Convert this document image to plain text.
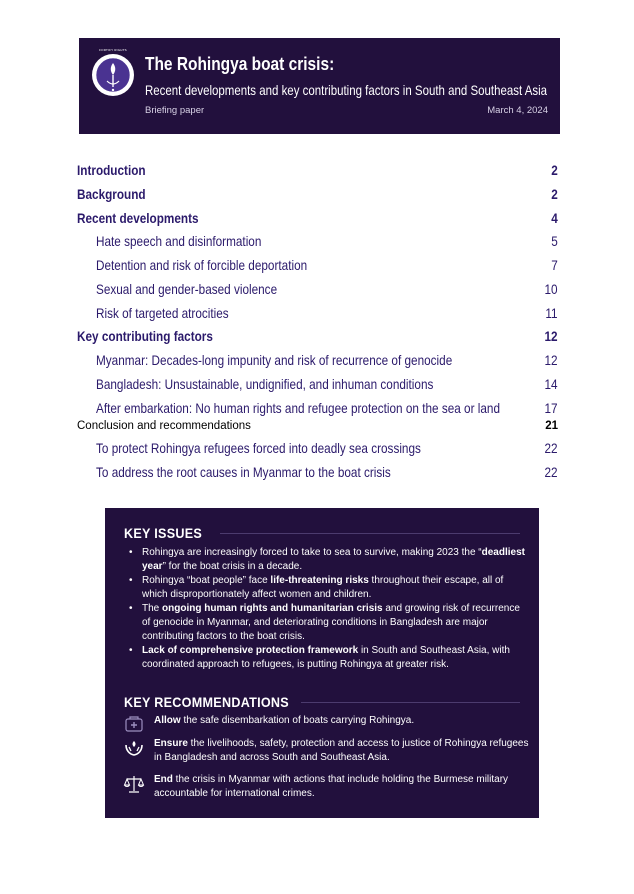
FORTIFY RIGHTS
The Rohingya boat crisis:
Recent developments and key contributing factors in South and Southeast Asia
Briefing paper	March 4, 2024
Introduction	2
Background	2
Recent developments	4
Hate speech and disinformation	5
Detention and risk of forcible deportation	7
Sexual and gender-based violence	10
Risk of targeted atrocities	11
Key contributing factors	12
Myanmar: Decades-long impunity and risk of recurrence of genocide	12
Bangladesh: Unsustainable, undignified, and inhuman conditions	14
After embarkation: No human rights and refugee protection on the sea or land	17
Conclusion and recommendations	21
To protect Rohingya refugees forced into deadly sea crossings	22
To address the root causes in Myanmar to the boat crisis	22
KEY ISSUES
• Rohingya are increasingly forced to take to sea to survive, making 2023 the “deadliest year” for the boat crisis in a decade.
• Rohingya “boat people” face life-threatening risks throughout their escape, all of which disproportionately affect women and children.
• The ongoing human rights and humanitarian crisis and growing risk of recurrence of genocide in Myanmar, and deteriorating conditions in Bangladesh are major contributing factors to the boat crisis.
• Lack of comprehensive protection framework in South and Southeast Asia, with coordinated approach to refugees, is putting Rohingya at greater risk.
KEY RECOMMENDATIONS
Allow the safe disembarkation of boats carrying Rohingya.
Ensure the livelihoods, safety, protection and access to justice of Rohingya refugees in Bangladesh and across South and Southeast Asia.
End the crisis in Myanmar with actions that include holding the Burmese military accountable for international crimes.
